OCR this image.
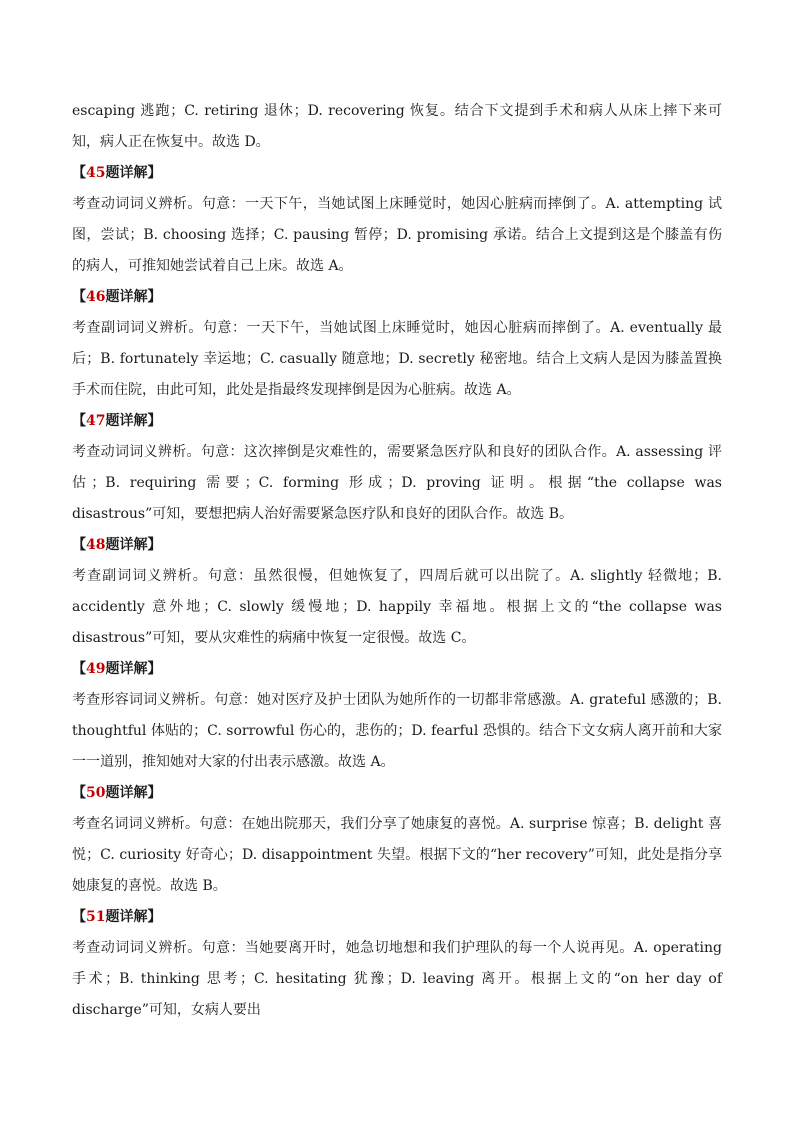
escaping 逃跑；C. retiring 退休；D. recovering 恢复。结合下文提到手术和病人从床上摔下来可知，病人正在恢复中。故选 D。

【45题详解】

考查动词词义辨析。句意：一天下午，当她试图上床睡觉时，她因心脏病而摔倒了。A. attempting 试图，尝试；B. choosing 选择；C. pausing 暂停；D. promising 承诺。结合上文提到这是个膝盖有伤的病人，可推知她尝试着自己上床。故选 A。

【46题详解】

考查副词词义辨析。句意：一天下午，当她试图上床睡觉时，她因心脏病而摔倒了。A. eventually 最后；B. fortunately 幸运地；C. casually 随意地；D. secretly 秘密地。结合上文病人是因为膝盖置换手术而住院，由此可知，此处是指最终发现摔倒是因为心脏病。故选 A。

【47题详解】

考查动词词义辨析。句意：这次摔倒是灾难性的，需要紧急医疗队和良好的团队合作。A. assessing 评估；B. requiring 需要；C. forming 形成；D. proving 证明。根据“the collapse was disastrous”可知，要想把病人治好需要紧急医疗队和良好的团队合作。故选 B。

【48题详解】

考查副词词义辨析。句意：虽然很慢，但她恢复了，四周后就可以出院了。A. slightly 轻微地；B. accidently 意外地；C. slowly 缓慢地；D. happily 幸福地。根据上文的“the collapse was disastrous”可知，要从灾难性的病痛中恢复一定很慢。故选 C。

【49题详解】

考查形容词词义辨析。句意：她对医疗及护士团队为她所作的一切都非常感激。A. grateful 感激的；B. thoughtful 体贴的；C. sorrowful 伤心的，悲伤的；D. fearful 恐惧的。结合下文女病人离开前和大家一一道别，推知她对大家的付出表示感激。故选 A。

【50题详解】

考查名词词义辨析。句意：在她出院那天，我们分享了她康复的喜悦。A. surprise 惊喜；B. delight 喜悦；C. curiosity 好奇心；D. disappointment 失望。根据下文的“her recovery”可知，此处是指分享她康复的喜悦。故选 B。

【51题详解】

考查动词词义辨析。句意：当她要离开时，她急切地想和我们护理队的每一个人说再见。A. operating 手术；B. thinking 思考；C. hesitating 犹豫；D. leaving 离开。根据上文的“on her day of discharge”可知，女病人要出
